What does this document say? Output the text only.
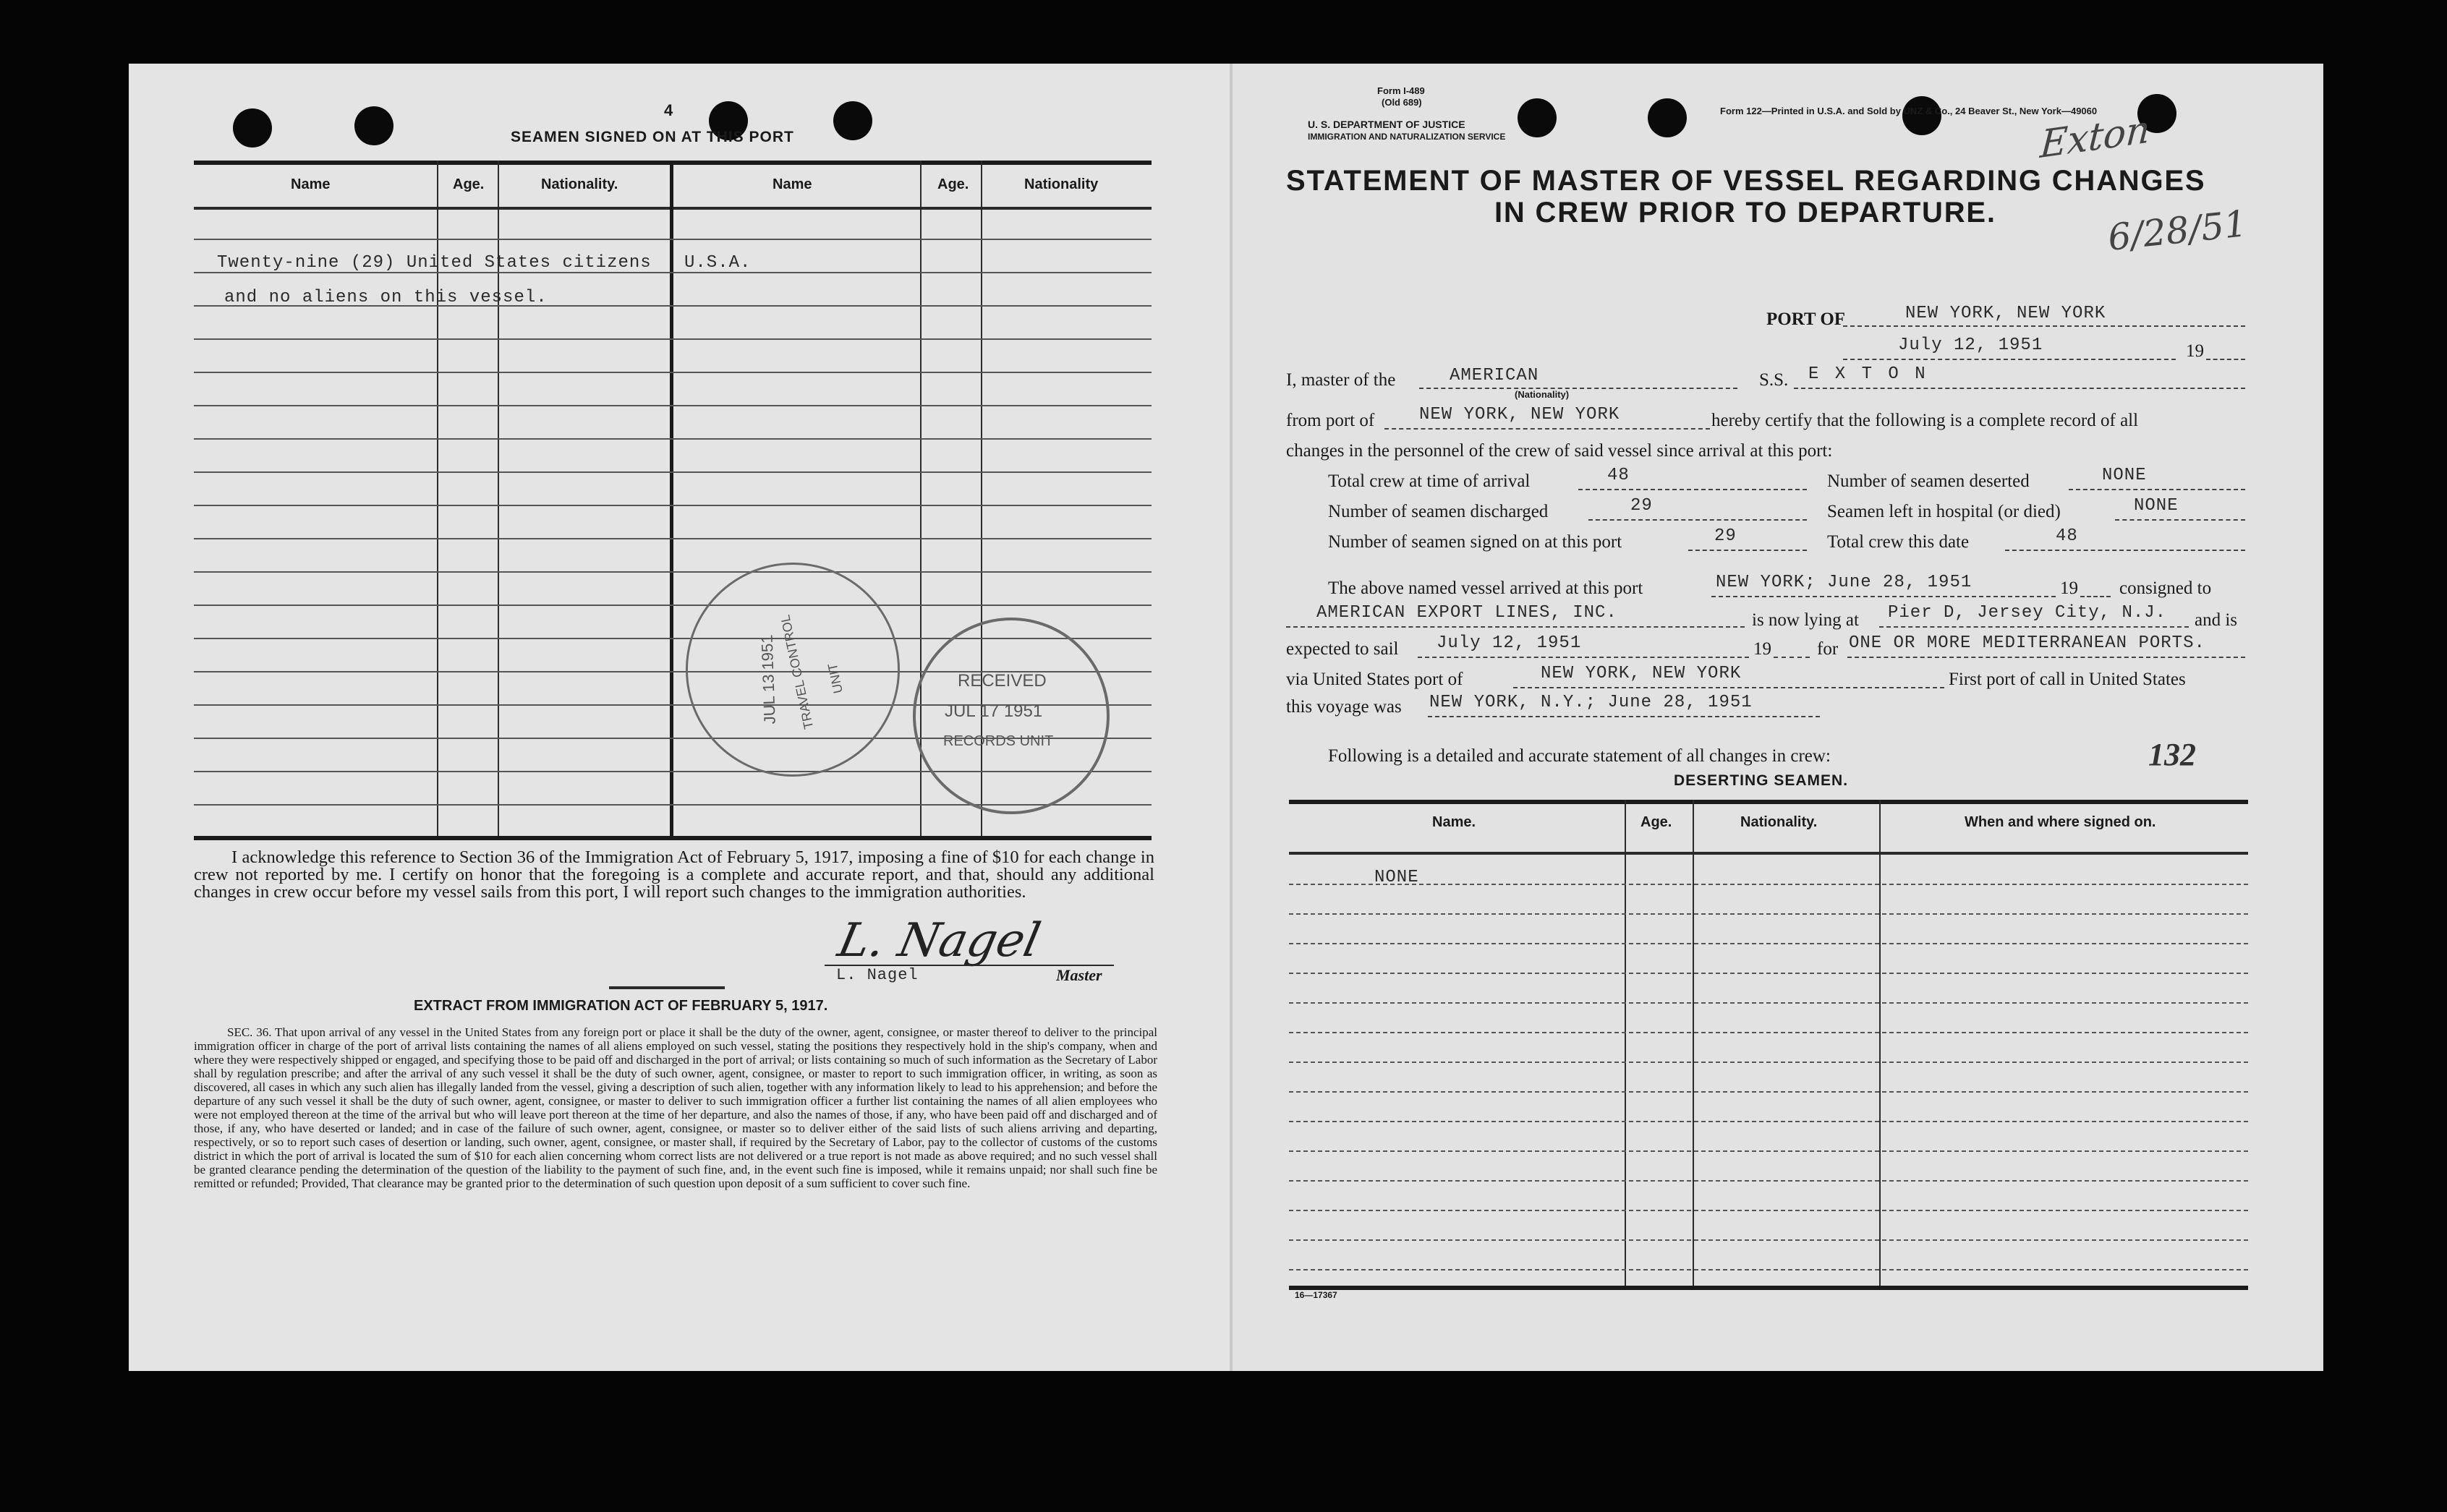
4
SEAMEN SIGNED ON AT THIS PORT
Name	Age.	Nationality.	Name	Age.	Nationality
Twenty-nine (29) United States citizens U.S.A.
and no aliens on this vessel.
JUL 13 1951
TRAVEL CONTROL UNIT	RECEIVED
JUL 17 1951
RECORDS UNIT
I acknowledge this reference to Section 36 of the Immigration Act of February 5, 1917, imposing a fine of $10 for each change in crew not reported by me. I certify on honor that the foregoing is a complete and accurate report, and that, should any additional changes in crew occur before my vessel sails from this port, I will report such changes to the immigration authorities.
L. Nagel
L. Nagel	Master
EXTRACT FROM IMMIGRATION ACT OF FEBRUARY 5, 1917.
SEC. 36. That upon arrival of any vessel in the United States from any foreign port or place it shall be the duty of the owner, agent, consignee, or master thereof to deliver to the principal immigration officer in charge of the port of arrival lists containing the names of all aliens employed on such vessel, stating the positions they respectively hold in the ship's company, when and where they were respectively shipped or engaged, and specifying those to be paid off and discharged in the port of arrival; or lists containing so much of such information as the Secretary of Labor shall by regulation prescribe; and after the arrival of any such vessel it shall be the duty of such owner, agent, consignee, or master to report to such immigration officer, in writing, as soon as discovered, all cases in which any such alien has illegally landed from the vessel, giving a description of such alien, together with any information likely to lead to his apprehension; and before the departure of any such vessel it shall be the duty of such owner, agent, consignee, or master to deliver to such immigration officer a further list containing the names of all alien employees who were not employed thereon at the time of the arrival but who will leave port thereon at the time of her departure, and also the names of those, if any, who have been paid off and discharged and of those, if any, who have deserted or landed; and in case of the failure of such owner, agent, consignee, or master so to deliver either of the said lists of such aliens arriving and departing, respectively, or so to report such cases of desertion or landing, such owner, agent, consignee, or master shall, if required by the Secretary of Labor, pay to the collector of customs of the customs district in which the port of arrival is located the sum of $10 for each alien concerning whom correct lists are not delivered or a true report is not made as above required; and no such vessel shall be granted clearance pending the determination of the question of the liability to the payment of such fine, and, in the event such fine is imposed, while it remains unpaid; nor shall such fine be remitted or refunded; Provided, That clearance may be granted prior to the determination of such question upon deposit of a sum sufficient to cover such fine.
Form I-489
(Old 689)
U. S. DEPARTMENT OF JUSTICE
IMMIGRATION AND NATURALIZATION SERVICE
Form 122—Printed in U.S.A. and Sold by UNZ & Co., 24 Beaver St., New York—49060
Exton
6/28/51
STATEMENT OF MASTER OF VESSEL REGARDING CHANGES
IN CREW PRIOR TO DEPARTURE.
PORT OF	NEW YORK, NEW YORK
July 12, 1951	19
I, master of the	AMERICAN
(Nationality)
S.S. E X T O N
from port of	NEW YORK, NEW YORK	hereby certify that the following is a complete record of all
changes in the personnel of the crew of said vessel since arrival at this port:
Total crew at time of arrival	48	Number of seamen deserted	NONE
Number of seamen discharged	29	Seamen left in hospital (or died)	NONE
Number of seamen signed on at this port	29	Total crew this date	48
The above named vessel arrived at this port	NEW YORK; June 28, 1951	19 consigned to
AMERICAN EXPORT LINES, INC.	is now lying at Pier D, Jersey City, N.J. and is
expected to sail July 12, 1951	19	for ONE OR MORE MEDITERRANEAN PORTS.
via United States port of	NEW YORK, NEW YORK	First port of call in United States
this voyage was NEW YORK, N.Y.; June 28, 1951
Following is a detailed and accurate statement of all changes in crew:	132
DESERTING SEAMEN.
Name.	Age.	Nationality.	When and where signed on.
NONE
16—17367
